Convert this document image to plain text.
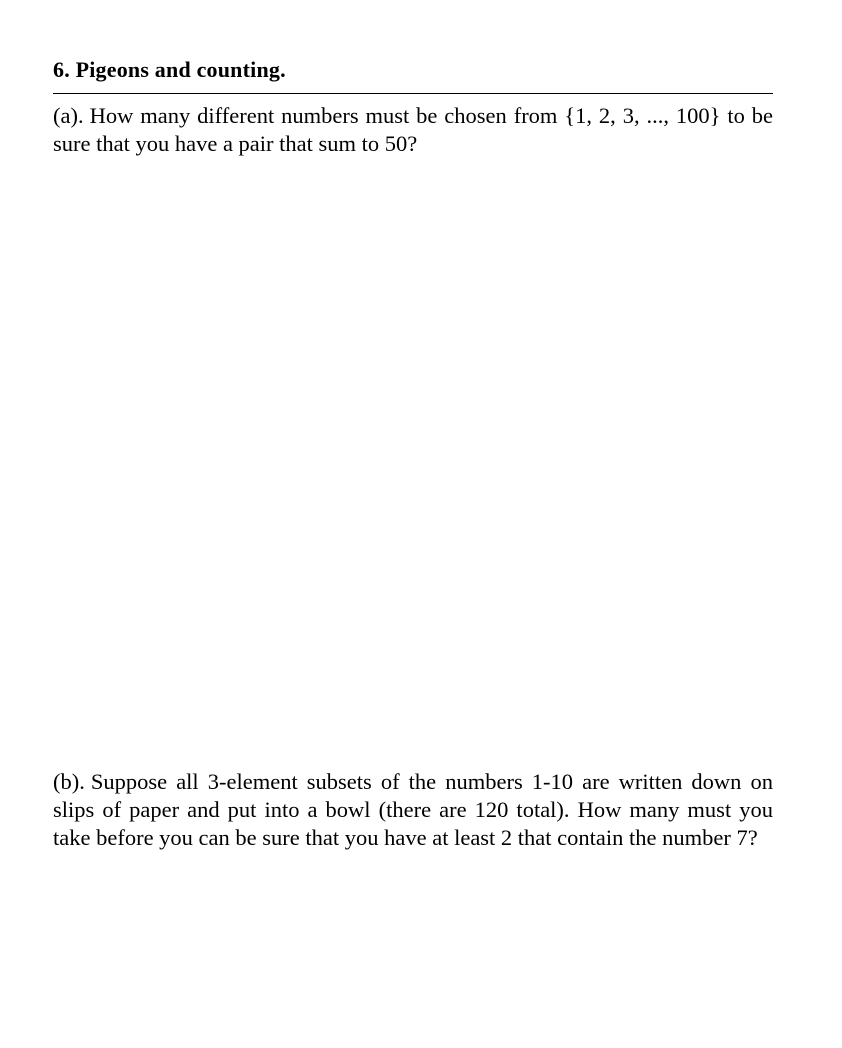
6. Pigeons and counting.
(a). How many different numbers must be chosen from {1, 2, 3, ..., 100} to be sure that you have a pair that sum to 50?
(b). Suppose all 3-element subsets of the numbers 1-10 are written down on slips of paper and put into a bowl (there are 120 total). How many must you take before you can be sure that you have at least 2 that contain the number 7?
